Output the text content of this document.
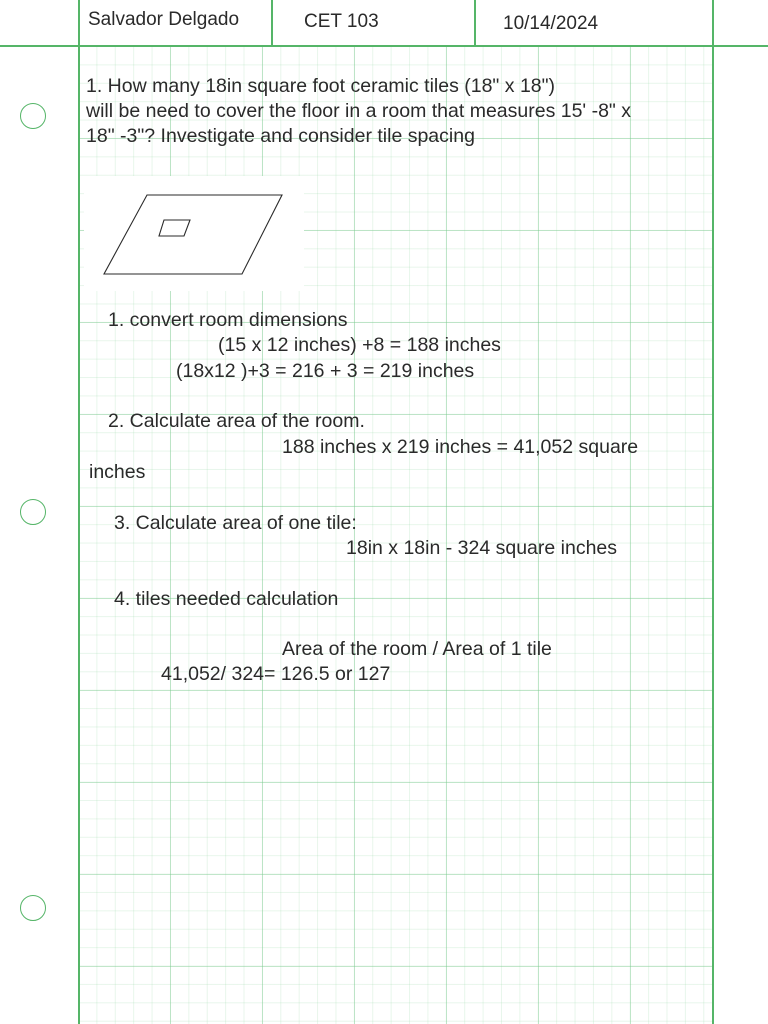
Salvador Delgado	CET 103	10/14/2024
1. How many 18in square foot ceramic tiles (18" x 18")
will be need to cover the floor in a room that measures 15' -8" x
18" -3"? Investigate and consider tile spacing
1. convert room dimensions
(15 x 12 inches) +8 = 188 inches
(18x12 )+3 = 216 + 3 = 219 inches
2. Calculate area of the room.
188 inches x 219 inches = 41,052 square
inches
3. Calculate area of one tile:
18in x 18in - 324 square inches
4. tiles needed calculation
Area of the room / Area of 1 tile
41,052/ 324= 126.5 or 127
